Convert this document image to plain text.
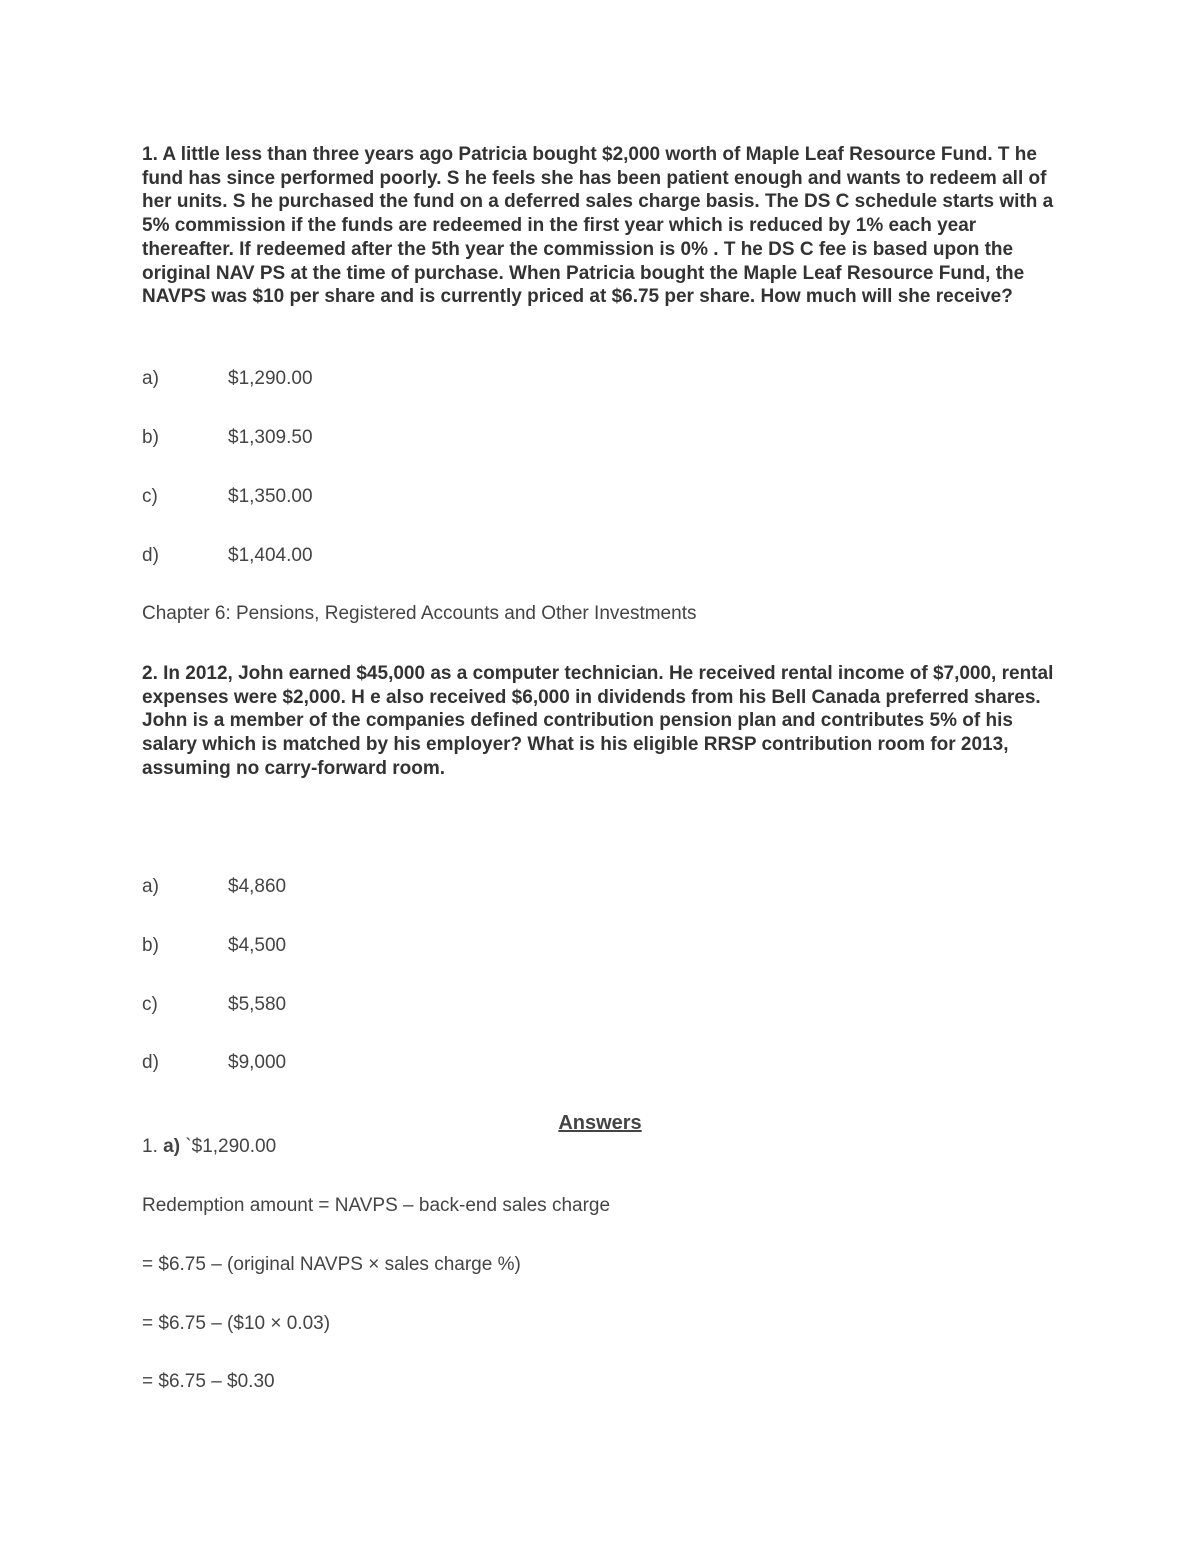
1. A little less than three years ago Patricia bought $2,000 worth of Maple Leaf Resource Fund. T he fund has since performed poorly. S he feels she has been patient enough and wants to redeem all of her units. S he purchased the fund on a deferred sales charge basis. The DS C schedule starts with a 5% commission if the funds are redeemed in the first year which is reduced by 1% each year thereafter. If redeemed after the 5th year the commission is 0% . T he DS C fee is based upon the original NAV PS at the time of purchase. When Patricia bought the Maple Leaf Resource Fund, the NAVPS was $10 per share and is currently priced at $6.75 per share. How much will she receive?

a)	$1,290.00
b)	$1,309.50
c)	$1,350.00
d)	$1,404.00
Chapter 6: Pensions, Registered Accounts and Other Investments

2. In 2012, John earned $45,000 as a computer technician. He received rental income of $7,000, rental expenses were $2,000. H e also received $6,000 in dividends from his Bell Canada preferred shares. John is a member of the companies defined contribution pension plan and contributes 5% of his salary which is matched by his employer? What is his eligible RRSP contribution room for 2013, assuming no carry-forward room.

a)	$4,860
b)	$4,500
c)	$5,580
d)	$9,000
Answers
1. a) `$1,290.00
Redemption amount = NAVPS – back-end sales charge
= $6.75 – (original NAVPS × sales charge %)
= $6.75 – ($10 × 0.03)
= $6.75 – $0.30
